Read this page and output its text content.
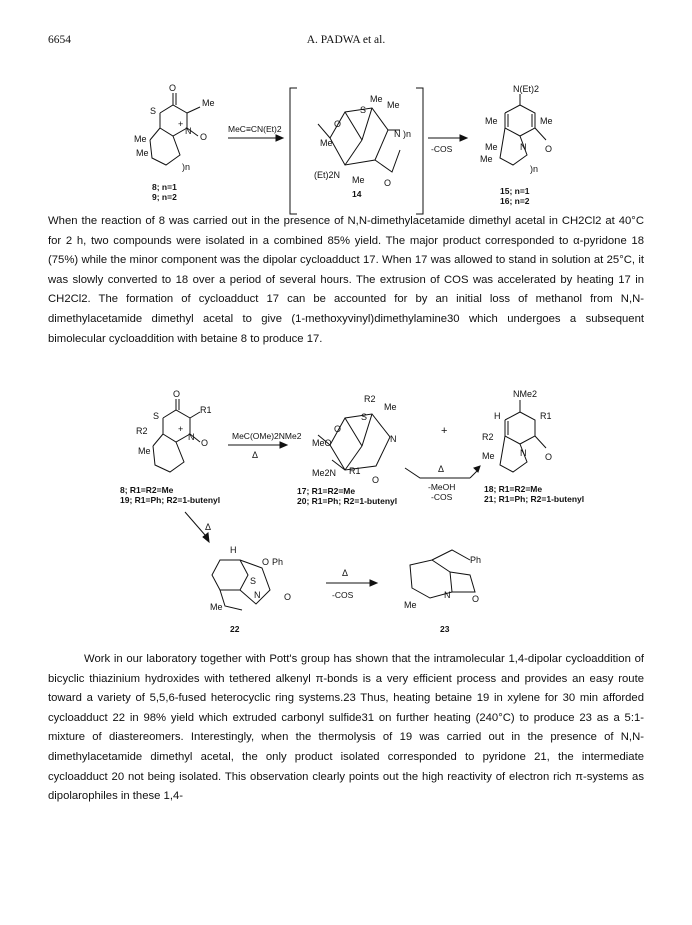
6654	A. PADWA et al.
O
Me
S
+
N
O
Me
Me
)n
8; n=1
9; n=2
MeC≡CN(Et)2
Me
Me
S
O
Me
N )n
(Et)2N Me O
14
-COS
N(Et)2
Me	Me
Me
Me
N O
)n
15; n=1
16; n=2

When the reaction of 8 was carried out in the presence of N,N-dimethylacetamide dimethyl acetal in CH2Cl2 at 40°C for 2 h, two compounds were isolated in a combined 85% yield. The major product corresponded to α-pyridone 18 (75%) while the minor component was the dipolar cycloadduct 17. When 17 was allowed to stand in solution at 25°C, it was slowly converted to 18 over a period of several hours. The extrusion of COS was accelerated by heating 17 in CH2Cl2. The formation of cycloadduct 17 can be accounted for by an initial loss of methanol from N,N-dimethylacetamide dimethyl acetal to give (1-methoxyvinyl)dimethylamine30 which undergoes a subsequent bimolecular cycloaddition with betaine 8 to produce 17.

O
R1
S
+
R2
N
O
Me
8; R1=R2=Me
19; R1=Ph; R2=1-butenyl
MeC(OMe)2NMe2
Δ
R2
Me
S
O
N
MeO
Me2N R1
O
17; R1=R2=Me
20; R1=Ph; R2=1-butenyl
+
Δ
-MeOH
-COS
NMe2
H	R1
R2
N
Me	O
18; R1=R2=Me
21; R1=Ph; R2=1-butenyl
Δ
H
Ph
O
S
N	O
Me
22
Δ
-COS
Ph
N O
Me
23

Work in our laboratory together with Pott's group has shown that the intramolecular 1,4-dipolar cycloaddition of bicyclic thiazinium hydroxides with tethered alkenyl π-bonds is a very efficient process and provides an easy route toward a variety of 5,5,6-fused heterocyclic ring systems.23 Thus, heating betaine 19 in xylene for 30 min afforded cycloadduct 22 in 98% yield which extruded carbonyl sulfide31 on further heating (240°C) to produce 23 as a 5:1-mixture of diastereomers. Interestingly, when the thermolysis of 19 was carried out in the presence of N,N-dimethylacetamide dimethyl acetal, the only product isolated corresponded to pyridone 21, the intermediate cycloadduct 20 not being isolated. This observation clearly points out the high reactivity of electron rich π-systems as dipolarophiles in these 1,4-
